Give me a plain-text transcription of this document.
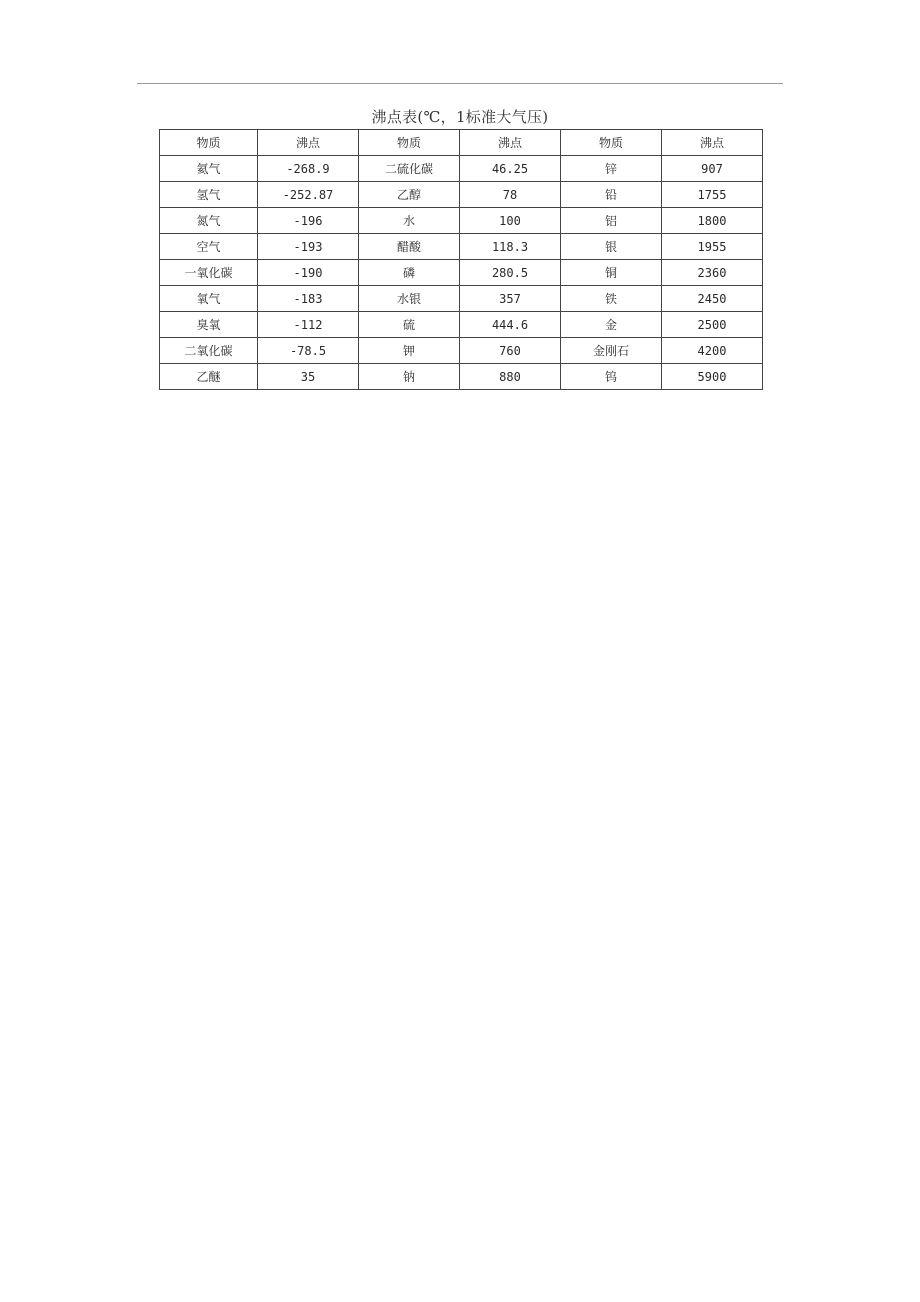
沸点表(℃，1标准大气压)
物质	沸点	物质	沸点	物质	沸点
氦气	-268.9	二硫化碳	46.25	锌	907
氢气	-252.87	乙醇	78	铅	1755
氮气	-196	水	100	铝	1800
空气	-193	醋酸	118.3	银	1955
一氧化碳	-190	磷	280.5	铜	2360
氧气	-183	水银	357	铁	2450
臭氧	-112	硫	444.6	金	2500
二氧化碳	-78.5	钾	760	金刚石	4200
乙醚	35	钠	880	钨	5900
